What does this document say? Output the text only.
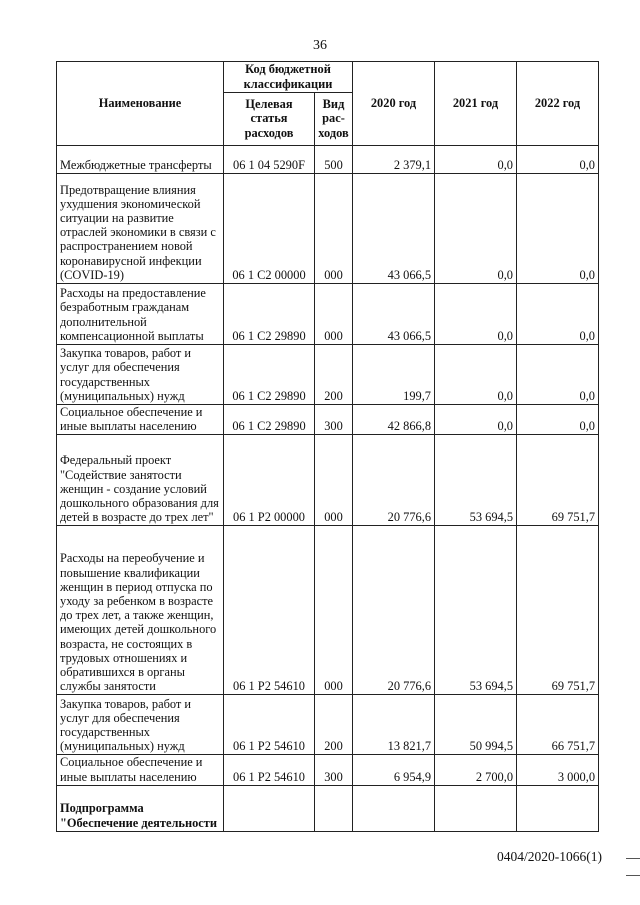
36
Наименование	Код бюджетной классификации		2020 год	2021 год	2022 год
	Целевая статья расходов	Вид рас- ходов			
Межбюджетные трансферты	06 1 04 5290F	500	2 379,1	0,0	0,0
Предотвращение влияния ухудшения экономической ситуации на развитие отраслей экономики в связи с распространением новой коронавирусной инфекции (COVID-19)	06 1 C2 00000	000	43 066,5	0,0	0,0
Расходы на предоставление безработным гражданам дополнительной компенсационной выплаты	06 1 C2 29890	000	43 066,5	0,0	0,0
Закупка товаров, работ и услуг для обеспечения государственных (муниципальных) нужд	06 1 C2 29890	200	199,7	0,0	0,0
Социальное обеспечение и иные выплаты населению	06 1 C2 29890	300	42 866,8	0,0	0,0
Федеральный проект "Содействие занятости женщин - создание условий дошкольного образования для детей в возрасте до трех лет"	06 1 P2 00000	000	20 776,6	53 694,5	69 751,7
Расходы на переобучение и повышение квалификации женщин в период отпуска по уходу за ребенком в возрасте до трех лет, а также женщин, имеющих детей дошкольного возраста, не состоящих в трудовых отношениях и обратившихся в органы службы занятости	06 1 P2 54610	000	20 776,6	53 694,5	69 751,7
Закупка товаров, работ и услуг для обеспечения государственных (муниципальных) нужд	06 1 P2 54610	200	13 821,7	50 994,5	66 751,7
Социальное обеспечение и иные выплаты населению	06 1 P2 54610	300	6 954,9	2 700,0	3 000,0
Подпрограмма "Обеспечение деятельности					
0404/2020-1066(1)
